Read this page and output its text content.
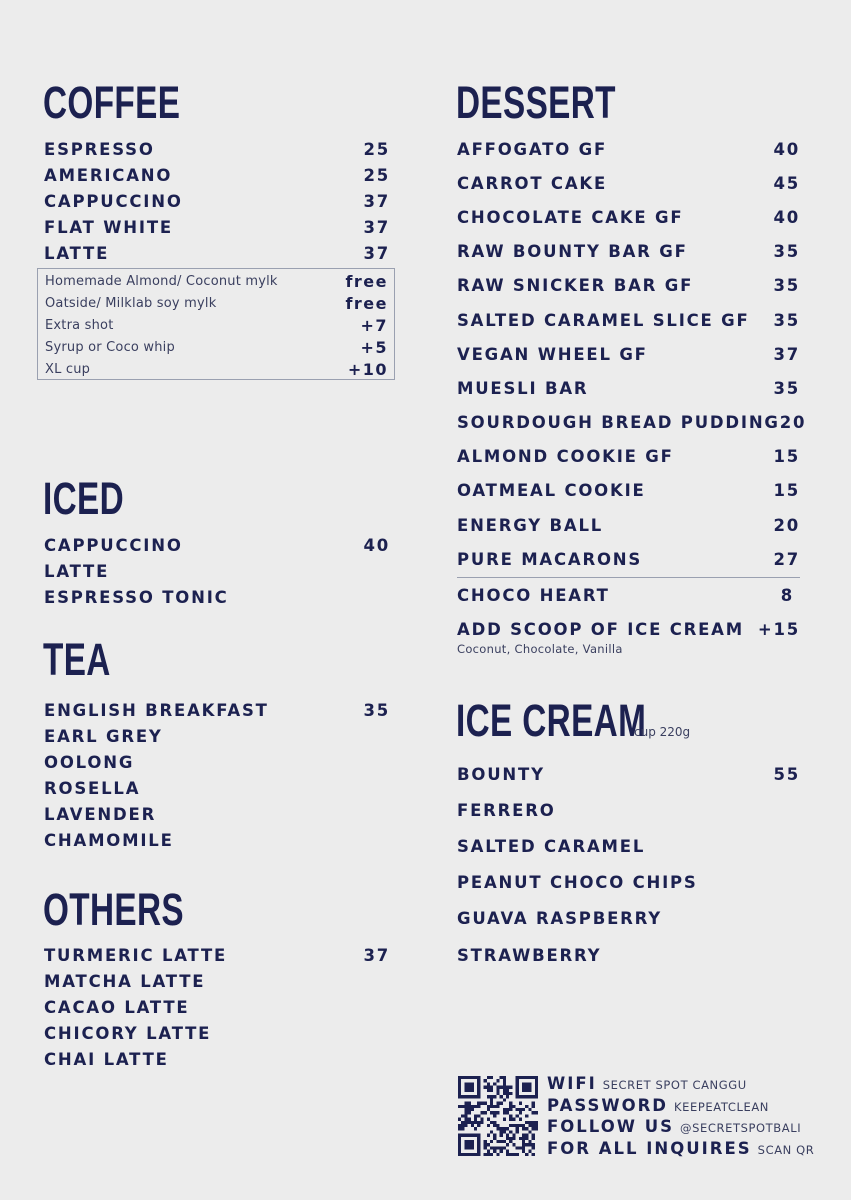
COFFEE
ESPRESSO	25
AMERICANO	25
CAPPUCCINO	37
FLAT WHITE	37
LATTE	37
Homemade Almond/ Coconut mylk	free
Oatside/ Milklab soy mylk	free
Extra shot	+7
Syrup or Coco whip	+5
XL cup	+10
ICED
CAPPUCCINO	40
LATTE
ESPRESSO TONIC
TEA
ENGLISH BREAKFAST	35
EARL GREY
OOLONG
ROSELLA
LAVENDER
CHAMOMILE
OTHERS
TURMERIC LATTE	37
MATCHA LATTE
CACAO LATTE
CHICORY LATTE
CHAI LATTE
DESSERT
AFFOGATO GF	40
CARROT CAKE	45
CHOCOLATE CAKE GF	40
RAW BOUNTY BAR GF	35
RAW SNICKER BAR GF	35
SALTED CARAMEL SLICE GF 35
VEGAN WHEEL GF	37
MUESLI BAR	35
SOURDOUGH BREAD PUDDING 20
ALMOND COOKIE GF	15
OATMEAL COOKIE	15
ENERGY BALL	20
PURE MACARONS	27
CHOCO HEART	8
ADD SCOOP OF ICE CREAM +15
Coconut, Chocolate, Vanilla
ICE CREAM
cup 220g
BOUNTY	55
FERRERO
SALTED CARAMEL
PEANUT CHOCO CHIPS
GUAVA RASPBERRY
STRAWBERRY
WIFI SECRET SPOT CANGGU
PASSWORD KEEPEATCLEAN
FOLLOW US @SECRETSPOTBALI
FOR ALL INQUIRES SCAN QR
